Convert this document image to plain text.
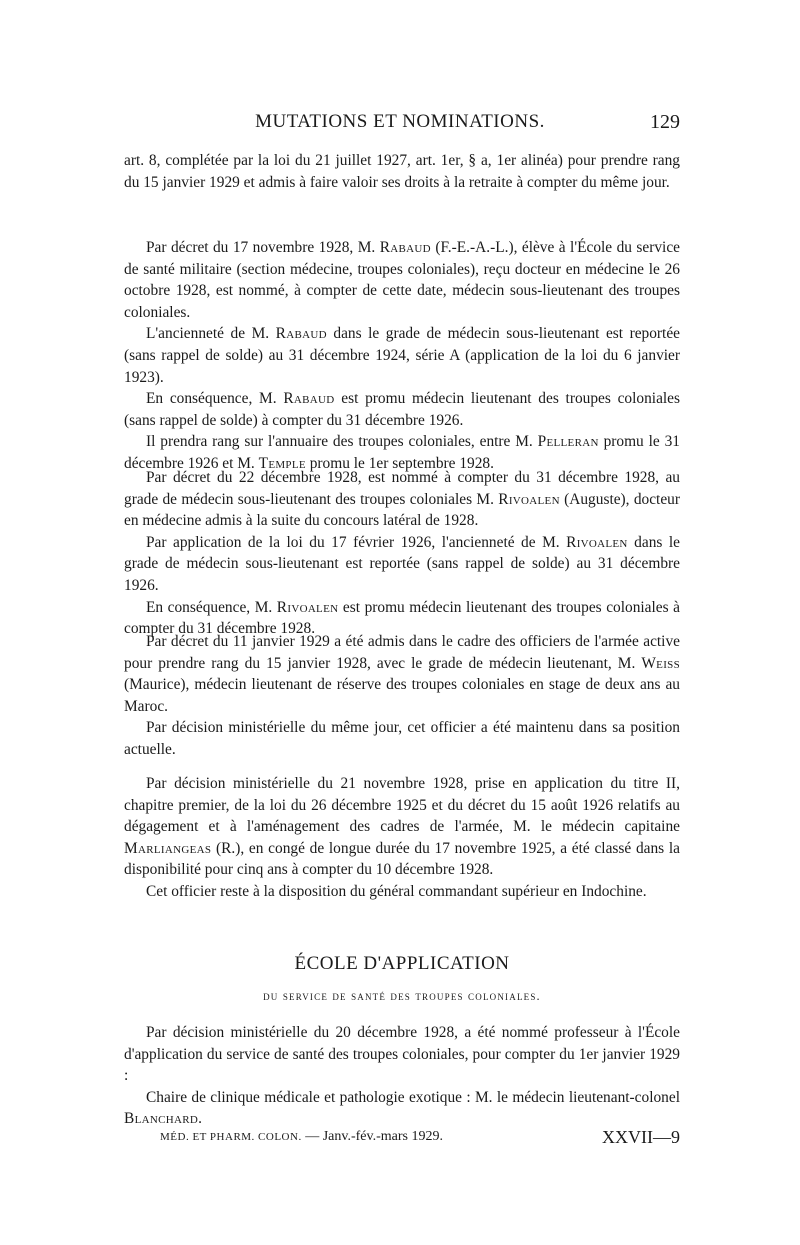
MUTATIONS ET NOMINATIONS.	129

art. 8, complétée par la loi du 21 juillet 1927, art. 1er, § a, 1er alinéa) pour prendre rang du 15 janvier 1929 et admis à faire valoir ses droits à la retraite à compter du même jour.

Par décret du 17 novembre 1928, M. Rabaud (F.-E.-A.-L.), élève à l'École du service de santé militaire (section médecine, troupes coloniales), reçu docteur en médecine le 26 octobre 1928, est nommé, à compter de cette date, médecin sous-lieutenant des troupes coloniales.

L'ancienneté de M. Rabaud dans le grade de médecin sous-lieutenant est reportée (sans rappel de solde) au 31 décembre 1924, série A (application de la loi du 6 janvier 1923).

En conséquence, M. Rabaud est promu médecin lieutenant des troupes coloniales (sans rappel de solde) à compter du 31 décembre 1926.

Il prendra rang sur l'annuaire des troupes coloniales, entre M. Pelleran promu le 31 décembre 1926 et M. Temple promu le 1er septembre 1928.

Par décret du 22 décembre 1928, est nommé à compter du 31 décembre 1928, au grade de médecin sous-lieutenant des troupes coloniales M. Rivoalen (Auguste), docteur en médecine admis à la suite du concours latéral de 1928.

Par application de la loi du 17 février 1926, l'ancienneté de M. Rivoalen dans le grade de médecin sous-lieutenant est reportée (sans rappel de solde) au 31 décembre 1926.

En conséquence, M. Rivoalen est promu médecin lieutenant des troupes coloniales à compter du 31 décembre 1928.

Par décret du 11 janvier 1929 a été admis dans le cadre des officiers de l'armée active pour prendre rang du 15 janvier 1928, avec le grade de médecin lieutenant, M. Weiss (Maurice), médecin lieutenant de réserve des troupes coloniales en stage de deux ans au Maroc.

Par décision ministérielle du même jour, cet officier a été maintenu dans sa position actuelle.

Par décision ministérielle du 21 novembre 1928, prise en application du titre II, chapitre premier, de la loi du 26 décembre 1925 et du décret du 15 août 1926 relatifs au dégagement et à l'aménagement des cadres de l'armée, M. le médecin capitaine Marliangeas (R.), en congé de longue durée du 17 novembre 1925, a été classé dans la disponibilité pour cinq ans à compter du 10 décembre 1928.

Cet officier reste à la disposition du général commandant supérieur en Indochine.

ÉCOLE D'APPLICATION
du service de santé des troupes coloniales.

Par décision ministérielle du 20 décembre 1928, a été nommé professeur à l'École d'application du service de santé des troupes coloniales, pour compter du 1er janvier 1929 :

Chaire de clinique médicale et pathologie exotique : M. le médecin lieutenant-colonel Blanchard.

MÉD. ET PHARM. COLON. — Janv.-fév.-mars 1929.	XXVII—9
